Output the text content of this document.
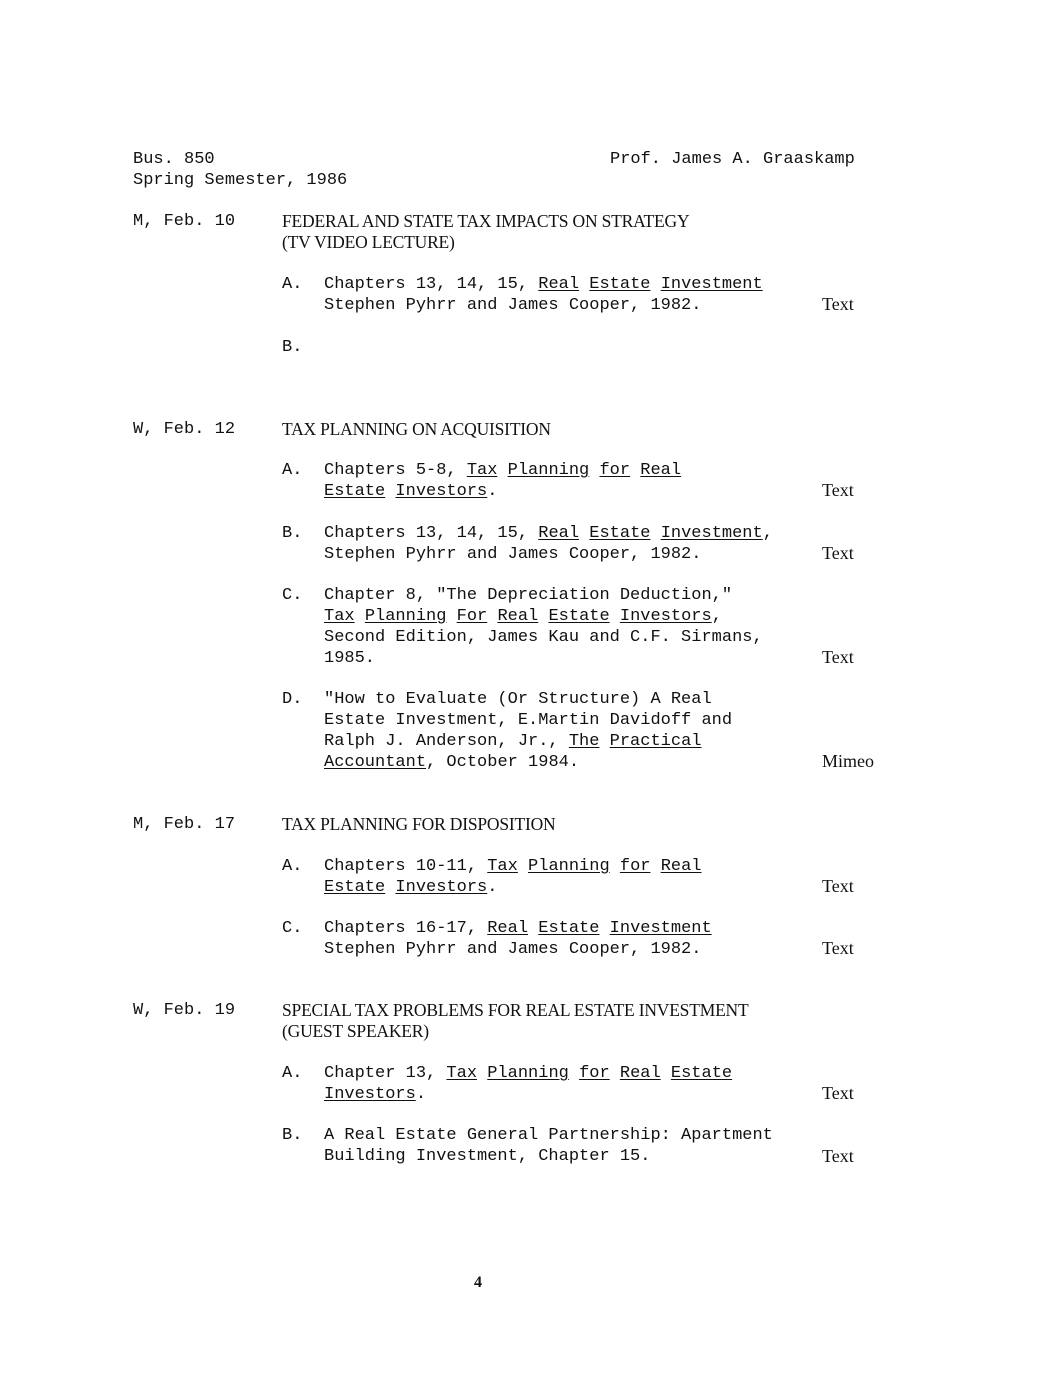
Bus. 850
Spring Semester, 1986
Prof. James A. Graaskamp
M, Feb. 10	FEDERAL AND STATE TAX IMPACTS ON STRATEGY
(TV VIDEO LECTURE)
A. Chapters 13, 14, 15, Real Estate Investment
Stephen Pyhrr and James Cooper, 1982.	Text
B.
W, Feb. 12	TAX PLANNING ON ACQUISITION
A. Chapters 5-8, Tax Planning for Real
Estate Investors.	Text
B. Chapters 13, 14, 15, Real Estate Investment,
Stephen Pyhrr and James Cooper, 1982.	Text
C. Chapter 8, "The Depreciation Deduction,"
Tax Planning For Real Estate Investors,
Second Edition, James Kau and C.F. Sirmans,
1985.	Text
D. "How to Evaluate (Or Structure) A Real
Estate Investment, E.Martin Davidoff and
Ralph J. Anderson, Jr., The Practical
Accountant, October 1984.	Mimeo
M, Feb. 17	TAX PLANNING FOR DISPOSITION
A. Chapters 10-11, Tax Planning for Real
Estate Investors.	Text
C. Chapters 16-17, Real Estate Investment
Stephen Pyhrr and James Cooper, 1982.	Text
W, Feb. 19	SPECIAL TAX PROBLEMS FOR REAL ESTATE INVESTMENT
(GUEST SPEAKER)
A. Chapter 13, Tax Planning for Real Estate
Investors.	Text
B. A Real Estate General Partnership: Apartment
Building Investment, Chapter 15.	Text
4
